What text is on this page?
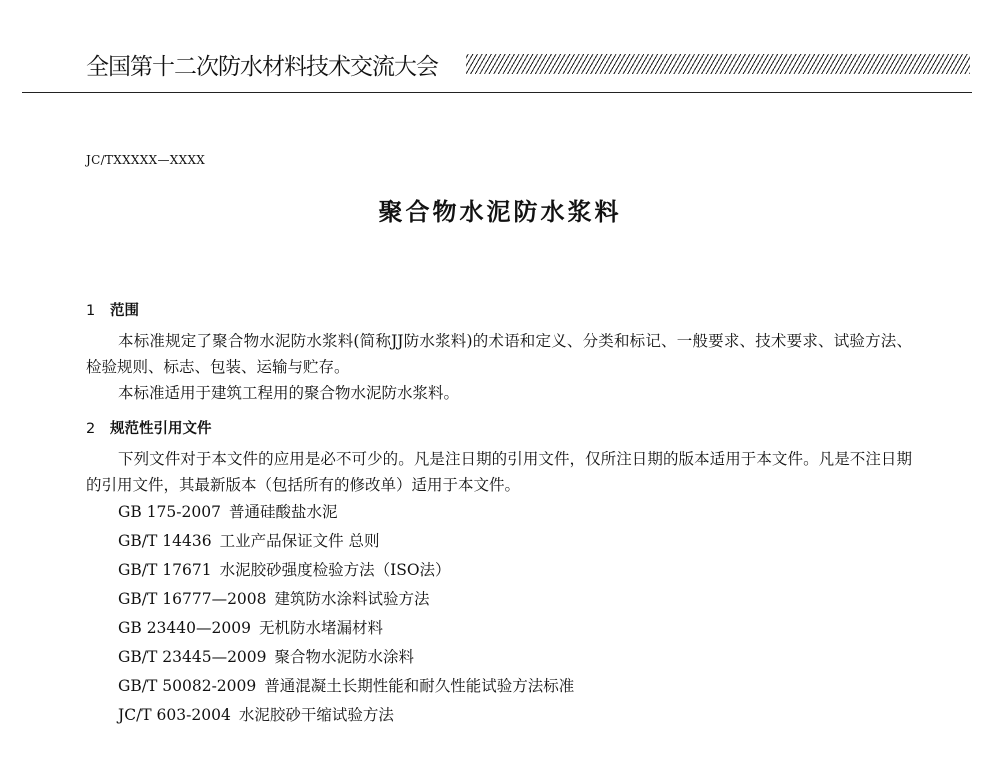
全国第十二次防水材料技术交流大会
JC/TXXXXX—XXXX
聚合物水泥防水浆料
1 范围

本标准规定了聚合物水泥防水浆料(简称JJ防水浆料)的术语和定义、分类和标记、一般要求、技术要求、试验方法、检验规则、标志、包装、运输与贮存。

本标准适用于建筑工程用的聚合物水泥防水浆料。

2 规范性引用文件

下列文件对于本文件的应用是必不可少的。凡是注日期的引用文件，仅所注日期的版本适用于本文件。凡是不注日期的引用文件，其最新版本（包括所有的修改单）适用于本文件。

GB 175-2007 普通硅酸盐水泥

GB/T 14436 工业产品保证文件 总则

GB/T 17671 水泥胶砂强度检验方法（ISO法）

GB/T 16777—2008 建筑防水涂料试验方法

GB 23440—2009 无机防水堵漏材料

GB/T 23445—2009 聚合物水泥防水涂料

GB/T 50082-2009 普通混凝土长期性能和耐久性能试验方法标准

JC/T 603-2004 水泥胶砂干缩试验方法
